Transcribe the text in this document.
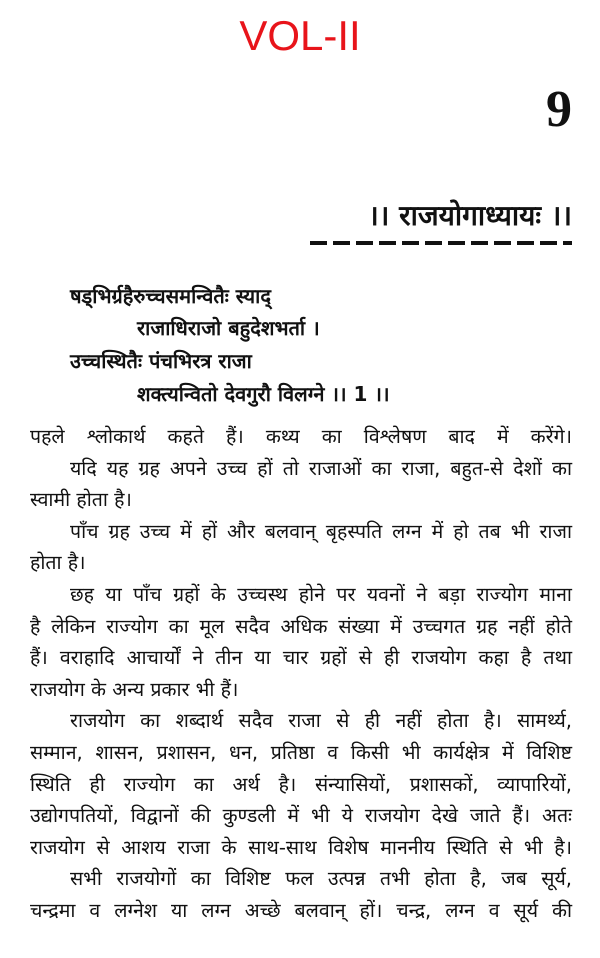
VOL-II
9
।। राजयोगाध्यायः ।।
षड्भिर्ग्रहैरुच्चसमन्वितैः स्याद्
राजाधिराजो बहुदेशभर्ता ।
उच्चस्थितैः पंचभिरत्र राजा
शक्त्यन्वितो देवगुरौ विलग्ने ।। 1 ।।
पहले श्लोकार्थ कहते हैं। कथ्य का विश्लेषण बाद में करेंगे।
यदि यह ग्रह अपने उच्च हों तो राजाओं का राजा, बहुत-से देशों का
स्वामी होता है।
पाँच ग्रह उच्च में हों और बलवान् बृहस्पति लग्न में हो तब भी राजा
होता है।
छह या पाँच ग्रहों के उच्चस्थ होने पर यवनों ने बड़ा राज्योग माना
है लेकिन राज्योग का मूल सदैव अधिक संख्या में उच्चगत ग्रह नहीं होते
हैं। वराहादि आचार्यों ने तीन या चार ग्रहों से ही राजयोग कहा है तथा
राजयोग के अन्य प्रकार भी हैं।
राजयोग का शब्दार्थ सदैव राजा से ही नहीं होता है। सामर्थ्य,
सम्मान, शासन, प्रशासन, धन, प्रतिष्ठा व किसी भी कार्यक्षेत्र में विशिष्ट
स्थिति ही राज्योग का अर्थ है। संन्यासियों, प्रशासकों, व्यापारियों,
उद्योगपतियों, विद्वानों की कुण्डली में भी ये राजयोग देखे जाते हैं। अतः
राजयोग से आशय राजा के साथ-साथ विशेष माननीय स्थिति से भी है।
सभी राजयोगों का विशिष्ट फल उत्पन्न तभी होता है, जब सूर्य,
चन्द्रमा व लग्नेश या लग्न अच्छे बलवान् हों। चन्द्र, लग्न व सूर्य की
